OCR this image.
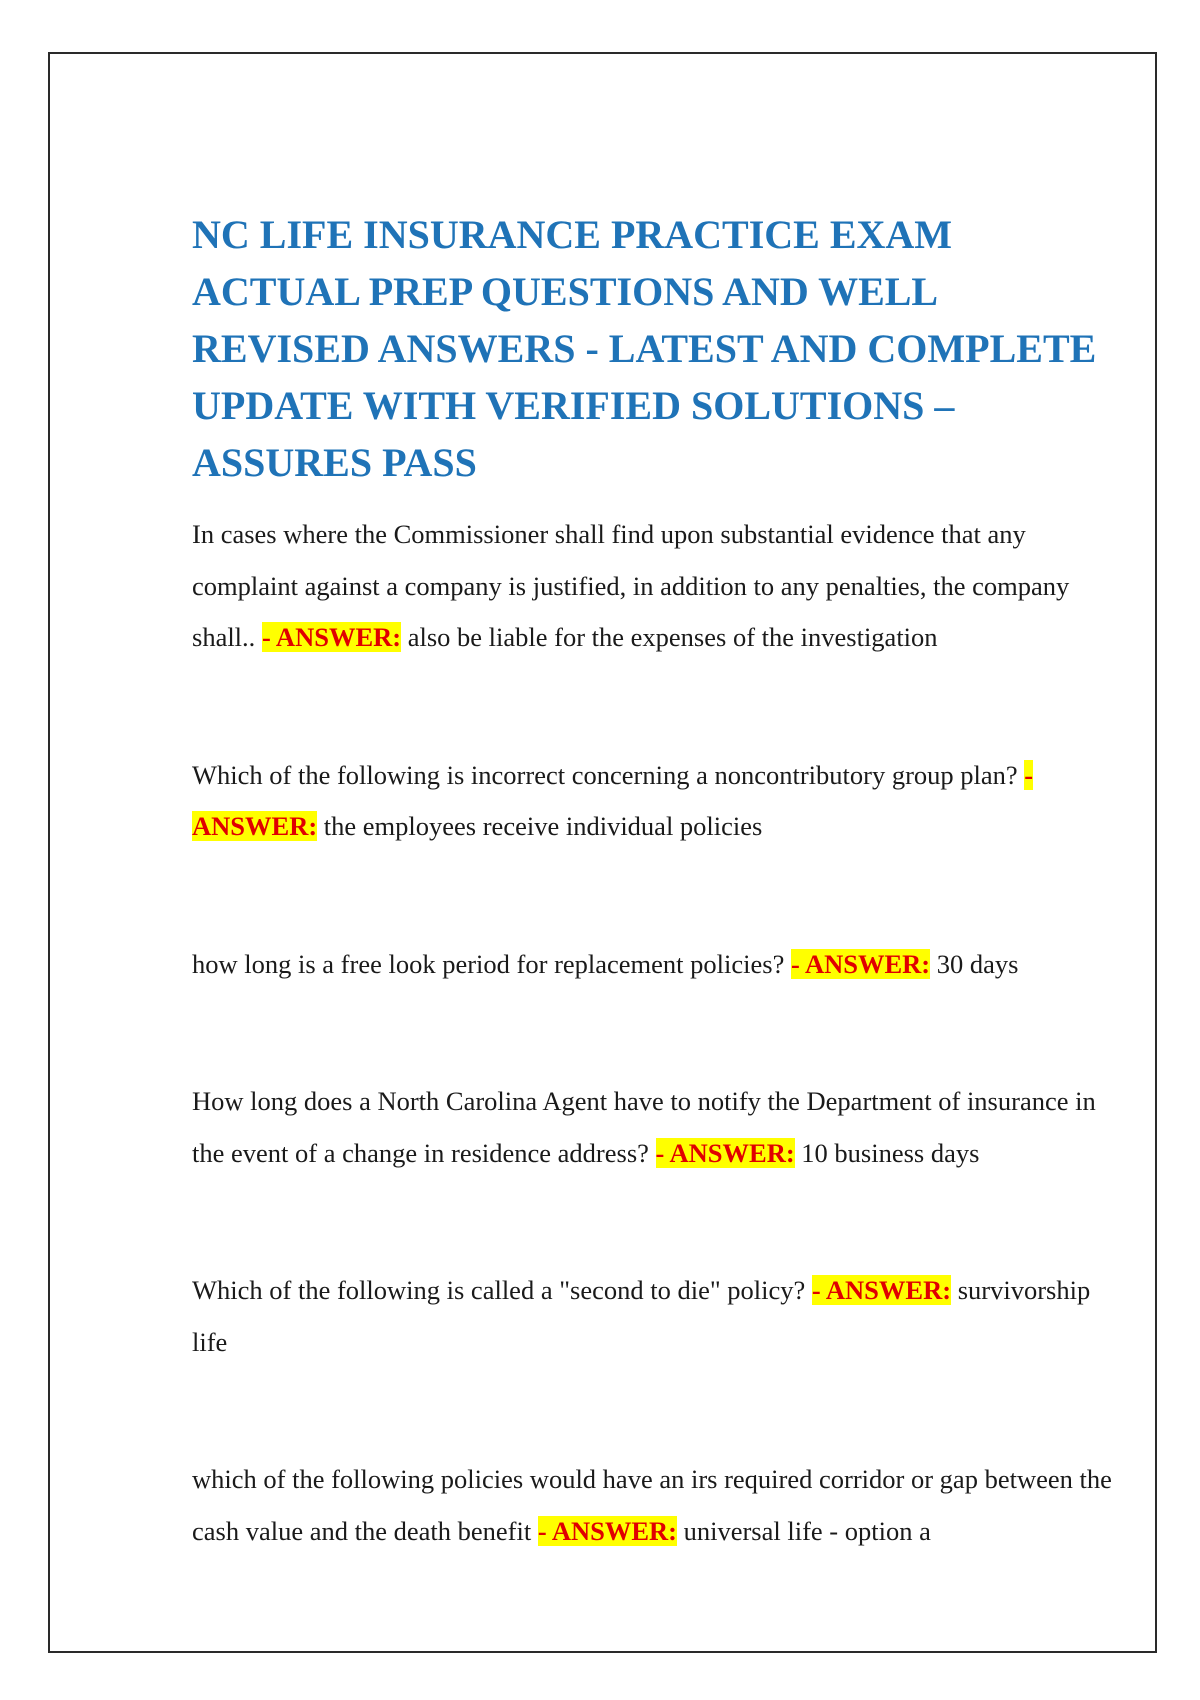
NC LIFE INSURANCE PRACTICE EXAM ACTUAL PREP QUESTIONS AND WELL REVISED ANSWERS - LATEST AND COMPLETE UPDATE WITH VERIFIED SOLUTIONS – ASSURES PASS

In cases where the Commissioner shall find upon substantial evidence that any complaint against a company is justified, in addition to any penalties, the company shall.. - ANSWER: also be liable for the expenses of the investigation

Which of the following is incorrect concerning a noncontributory group plan? - ANSWER: the employees receive individual policies

how long is a free look period for replacement policies? - ANSWER: 30 days

How long does a North Carolina Agent have to notify the Department of insurance in the event of a change in residence address? - ANSWER: 10 business days

Which of the following is called a "second to die" policy? - ANSWER: survivorship life

which of the following policies would have an irs required corridor or gap between the cash value and the death benefit - ANSWER: universal life - option a
